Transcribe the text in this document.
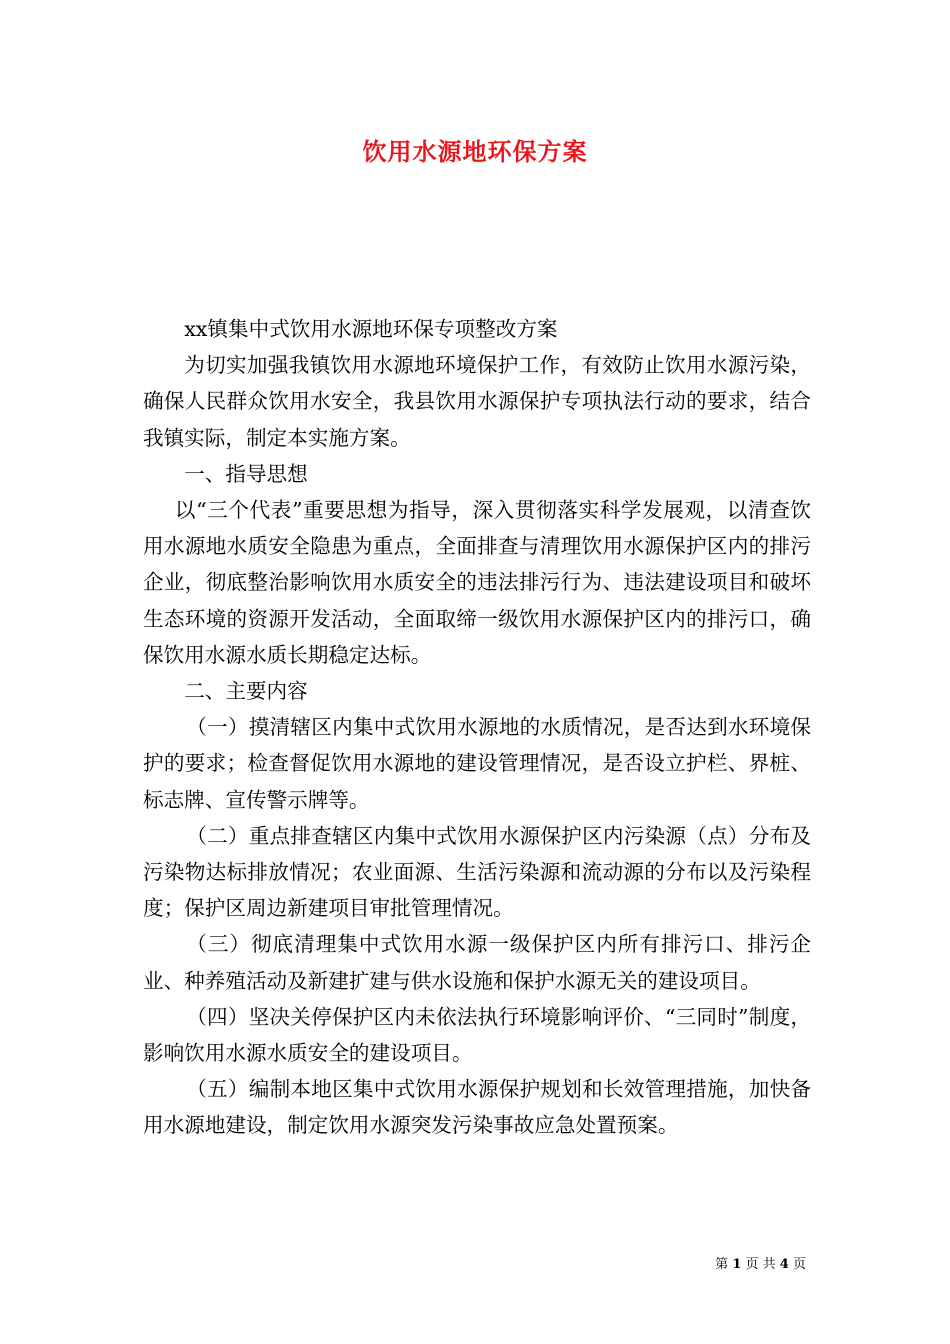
饮用水源地环保方案

xx镇集中式饮用水源地环保专项整改方案

为切实加强我镇饮用水源地环境保护工作，有效防止饮用水源污染，确保人民群众饮用水安全，我县饮用水源保护专项执法行动的要求，结合我镇实际，制定本实施方案。

一、指导思想

以“三个代表”重要思想为指导，深入贯彻落实科学发展观，以清查饮用水源地水质安全隐患为重点，全面排查与清理饮用水源保护区内的排污企业，彻底整治影响饮用水质安全的违法排污行为、违法建设项目和破坏生态环境的资源开发活动，全面取缔一级饮用水源保护区内的排污口，确保饮用水源水质长期稳定达标。

二、主要内容

（一）摸清辖区内集中式饮用水源地的水质情况，是否达到水环境保护的要求；检查督促饮用水源地的建设管理情况，是否设立护栏、界桩、标志牌、宣传警示牌等。

（二）重点排查辖区内集中式饮用水源保护区内污染源（点）分布及污染物达标排放情况；农业面源、生活污染源和流动源的分布以及污染程度；保护区周边新建项目审批管理情况。

（三）彻底清理集中式饮用水源一级保护区内所有排污口、排污企业、种养殖活动及新建扩建与供水设施和保护水源无关的建设项目。

（四）坚决关停保护区内未依法执行环境影响评价、“三同时”制度，影响饮用水源水质安全的建设项目。

（五）编制本地区集中式饮用水源保护规划和长效管理措施，加快备用水源地建设，制定饮用水源突发污染事故应急处置预案。

第 1 页 共 4 页
